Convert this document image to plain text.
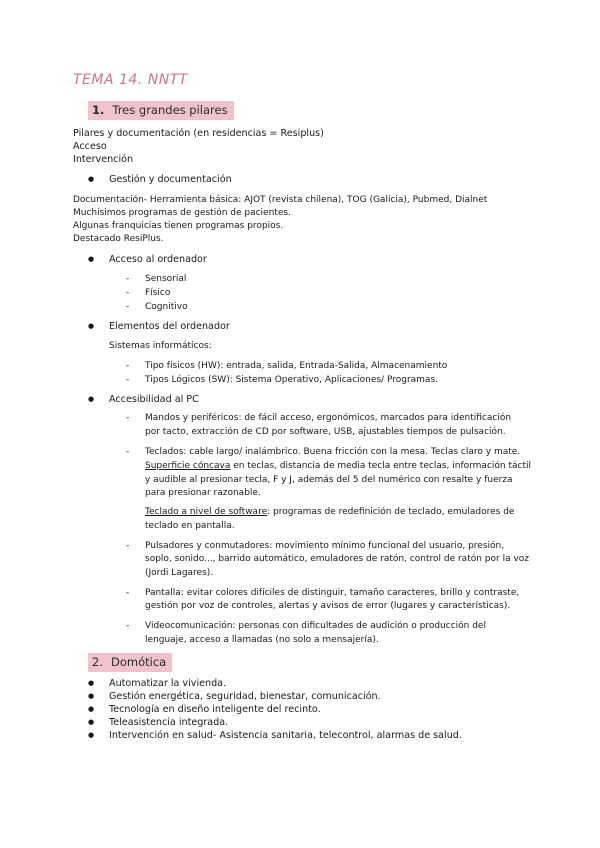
TEMA 14. NNTT
1. Tres grandes pilares
Pilares y documentación (en residencias = Resiplus)
Acceso
Intervención
● Gestión y documentación
Documentación- Herramienta básica: AJOT (revista chilena), TOG (Galicia), Pubmed, Dialnet
Muchísimos programas de gestión de pacientes.
Algunas franquicias tienen programas propios.
Destacado ResiPlus.
● Acceso al ordenador
- Sensorial
- Físico
- Cognitivo
● Elementos del ordenador
Sistemas informáticos:
- Tipo físicos (HW): entrada, salida, Entrada-Salida, Almacenamiento
- Tipos Lógicos (SW): Sistema Operativo, Aplicaciones/ Programas.
● Accesibilidad al PC
- Mandos y periféricos: de fácil acceso, ergonómicos, marcados para identificación
por tacto, extracción de CD por software, USB, ajustables tiempos de pulsación.
- Teclados: cable largo/ inalámbrico. Buena fricción con la mesa. Teclas claro y mate.
Superficie cóncava en teclas, distancia de media tecla entre teclas, información táctil
y audible al presionar tecla, F y J, además del 5 del numérico con resalte y fuerza
para presionar razonable.
Teclado a nivel de software: programas de redefinición de teclado, emuladores de
teclado en pantalla.
- Pulsadores y conmutadores: movimiento mínimo funcional del usuario, presión,
soplo, sonido..., barrido automático, emuladores de ratón, control de ratón por la voz
(Jordi Lagares).
- Pantalla: evitar colores difíciles de distinguir, tamaño caracteres, brillo y contraste,
gestión por voz de controles, alertas y avisos de error (lugares y características).
- Videocomunicación: personas con dificultades de audición o producción del
lenguaje, acceso a llamadas (no solo a mensajería).
2. Domótica
● Automatizar la vivienda.
● Gestión energética, seguridad, bienestar, comunicación.
● Tecnología en diseño inteligente del recinto.
● Teleasistencia integrada.
● Intervención en salud- Asistencia sanitaria, telecontrol, alarmas de salud.
